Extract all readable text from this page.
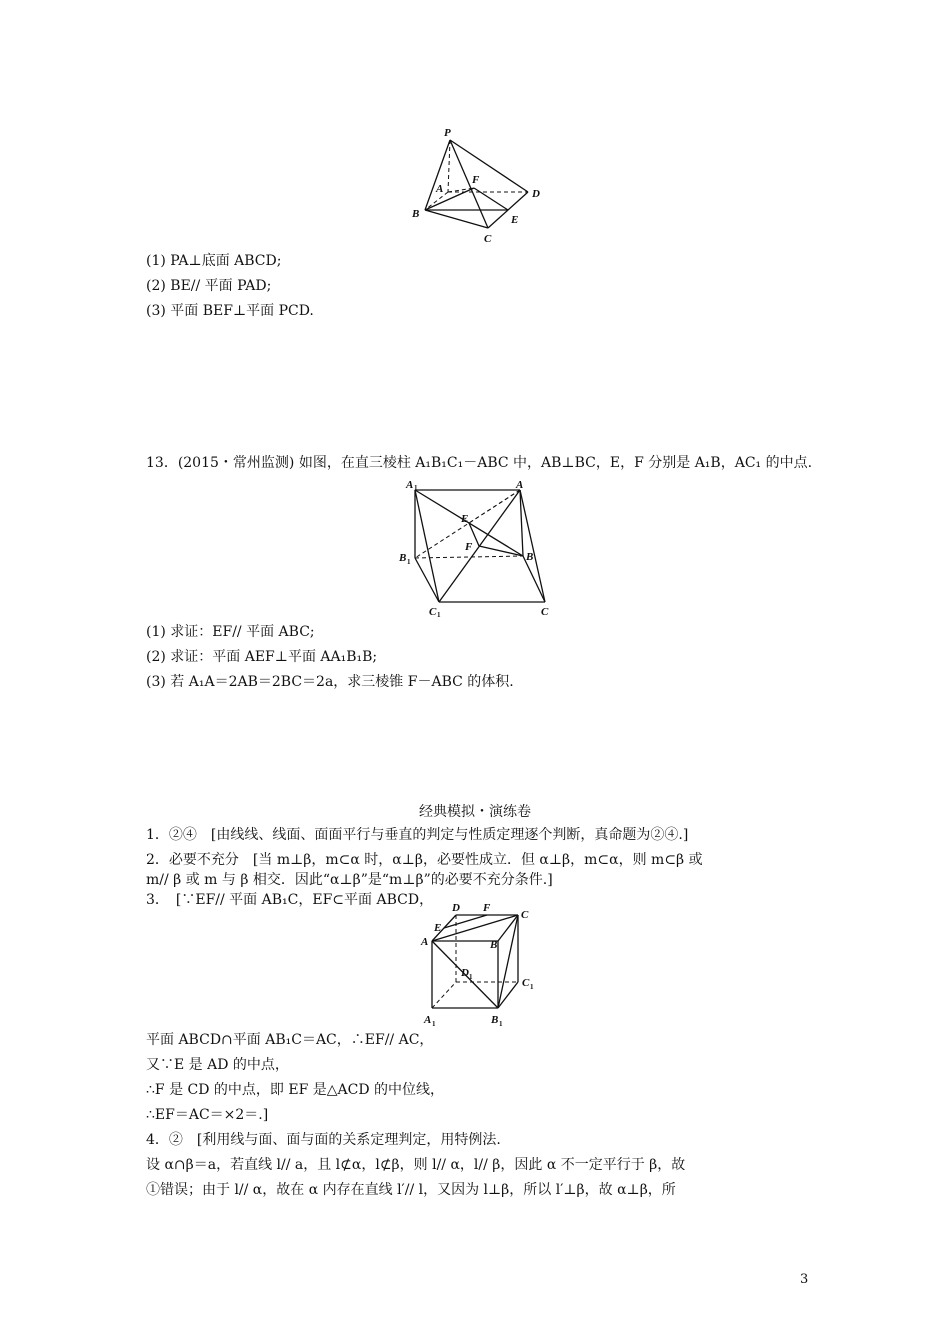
P
A
F
D
B	E
C
(1) PA⊥底面 ABCD;
(2) BE// 平面 PAD;
(3) 平面 BEF⊥平面 PCD.
13．(2015・常州监测) 如图，在直三棱柱 A₁B₁C₁－ABC 中，AB⊥BC，E，F 分别是 A₁B，AC₁ 的中点.
A 1	A
E
F
B 1	B
C 1	C
(1) 求证：EF// 平面 ABC;
(2) 求证：平面 AEF⊥平面 AA₁B₁B;
(3) 若 A₁A＝2AB＝2BC＝2a，求三棱锥 F－ABC 的体积.
经典模拟・演练卷
1．②④　[由线线、线面、面面平行与垂直的判定与性质定理逐个判断，真命题为②④.]
2．必要不充分　[当 m⊥β，m⊂α 时，α⊥β，必要性成立．但 α⊥β，m⊂α，则 m⊂β 或
m// β 或 m 与 β 相交．因此“α⊥β”是“m⊥β”的必要不充分条件.]
3．　[∵EF// 平面 AB₁C，EF⊂平面 ABCD， D F
C
E
B
A
D 1	C 1
A 1	B 1
平面 ABCD∩平面 AB₁C＝AC，∴EF// AC，
又∵E 是 AD 的中点，
∴F 是 CD 的中点，即 EF 是△ACD 的中位线，
∴EF＝AC＝×2＝.]
4．②　[利用线与面、面与面的关系定理判定，用特例法.
设 α∩β＝a，若直线 l// a，且 l⊄α，l⊄β，则 l// α，l// β，因此 α 不一定平行于 β，故
①错误；由于 l// α，故在 α 内存在直线 l′// l，又因为 l⊥β，所以 l′⊥β，故 α⊥β，所
3
